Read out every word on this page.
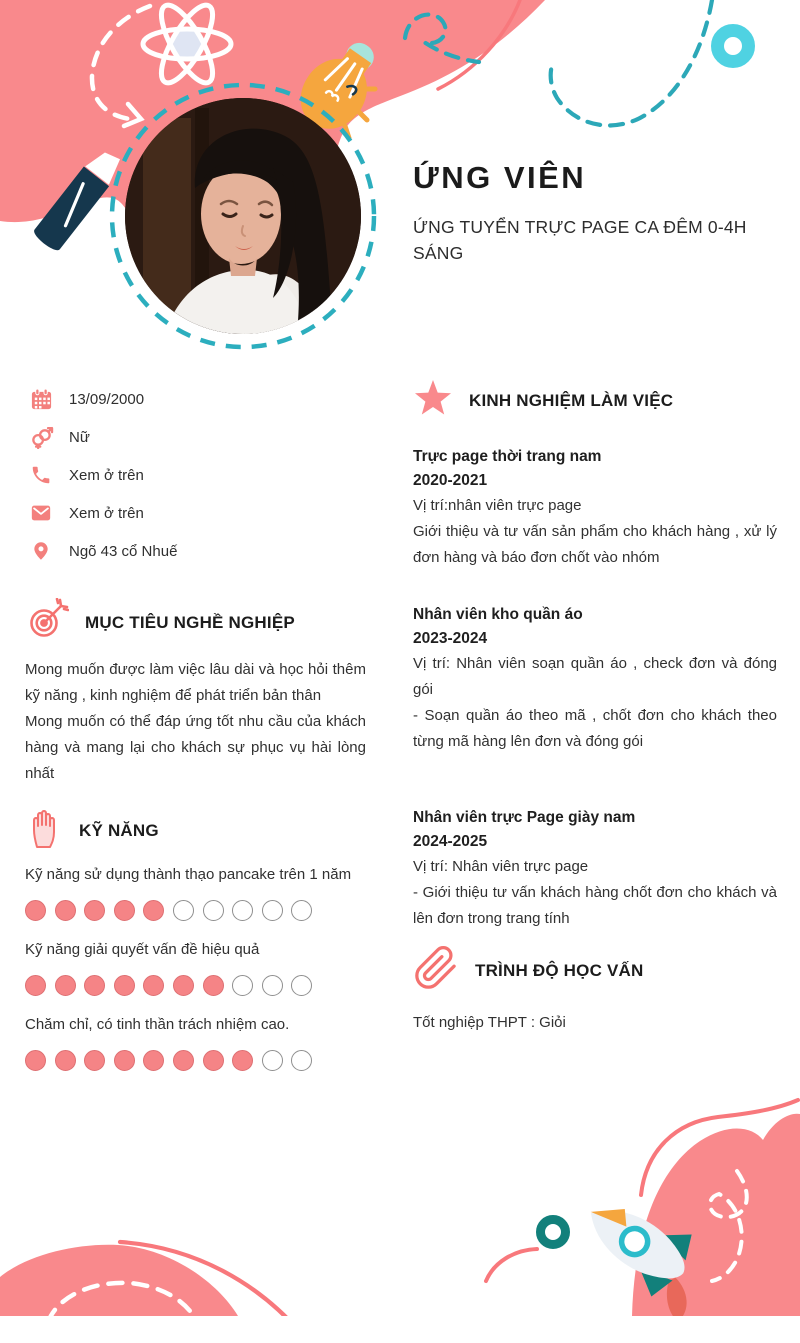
ỨNG VIÊN

ỨNG TUYỂN TRỰC PAGE CA ĐÊM 0-4H SÁNG

13/09/2000
Nữ
Xem ở trên
Xem ở trên
Ngõ 43 cổ Nhuế
MỤC TIÊU NGHỀ NGHIỆP

Mong muốn được làm việc lâu dài và học hỏi thêm kỹ năng , kinh nghiệm để phát triển bản thân

Mong muốn có thể đáp ứng tốt nhu cầu của khách hàng và mang lại cho khách sự phục vụ hài lòng nhất

KỸ NĂNG

Kỹ năng sử dụng thành thạo pancake trên 1 năm

Kỹ năng giải quyết vấn đề hiệu quả

Chăm chỉ, có tinh thần trách nhiệm cao.

KINH NGHIỆM LÀM VIỆC
Trực page thời trang nam

2020-2021

Vị trí:nhân viên trực page

Giới thiệu và tư vấn sản phẩm cho khách hàng , xử lý đơn hàng và báo đơn chốt vào nhóm

Nhân viên kho quần áo

2023-2024

Vị trí: Nhân viên soạn quần áo , check đơn và đóng gói

- Soạn quần áo theo mã , chốt đơn cho khách theo từng mã hàng lên đơn và đóng gói

Nhân viên trực Page giày nam

2024-2025

Vị trí: Nhân viên trực page

- Giới thiệu tư vấn khách hàng chốt đơn cho khách và lên đơn trong trang tính

TRÌNH ĐỘ HỌC VẤN

Tốt nghiệp THPT : Giỏi
